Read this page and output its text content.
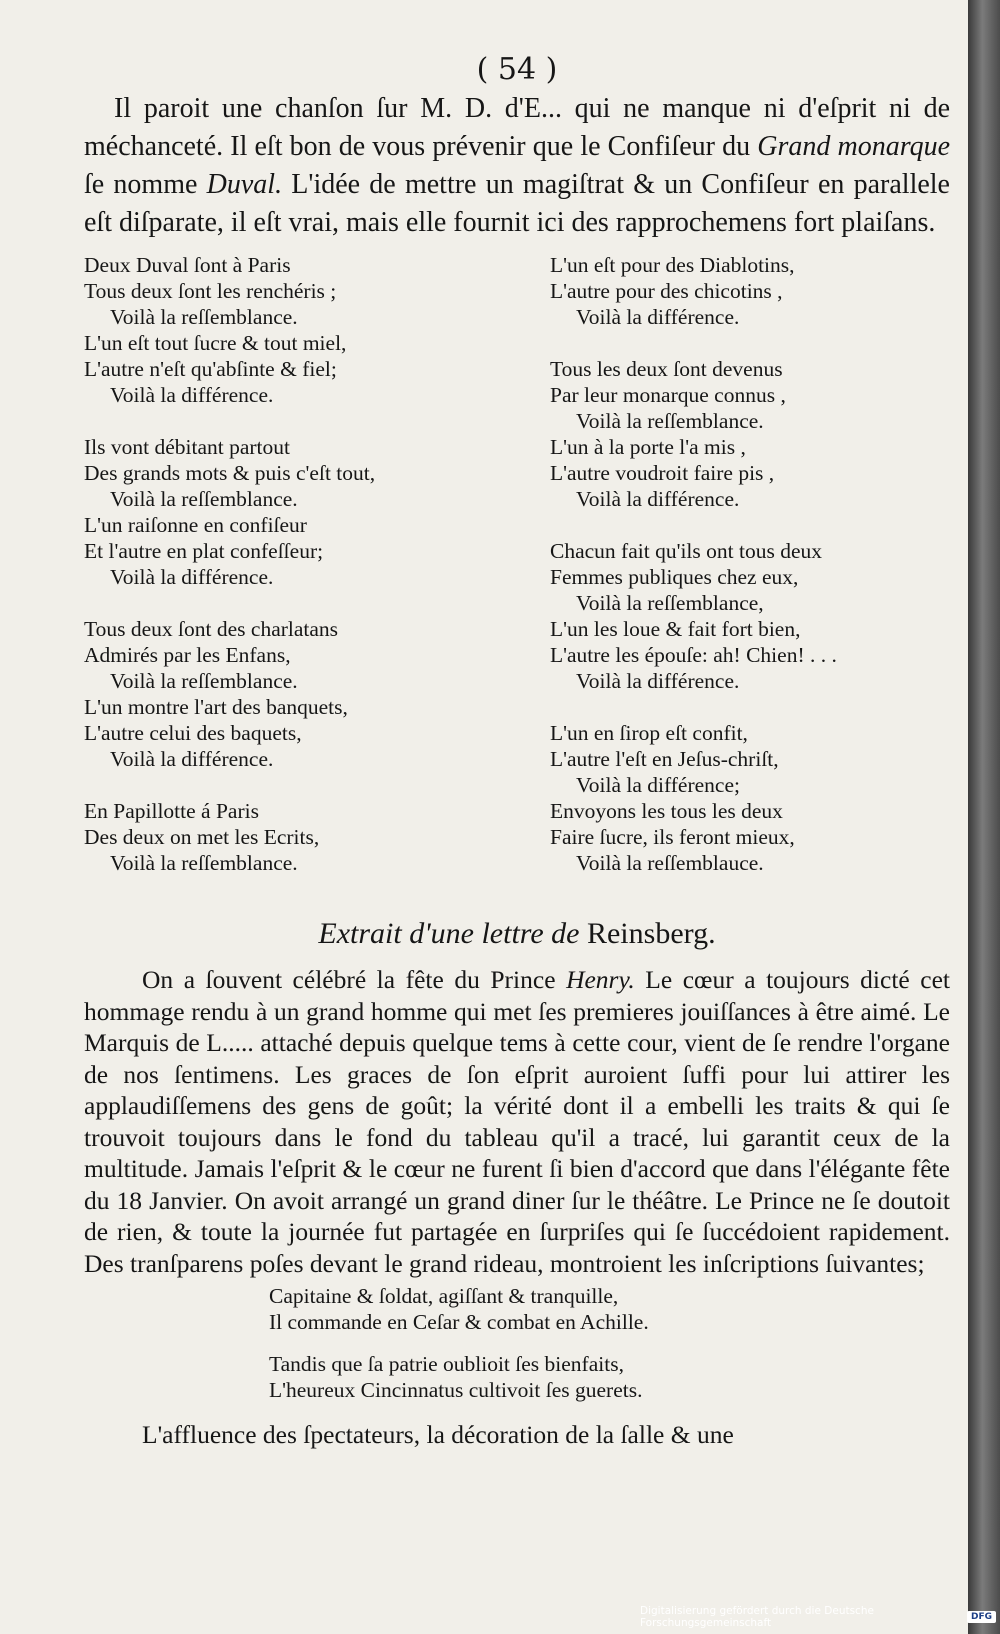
( 54 )

Il paroit une chanſon ſur M. D. d'E... qui ne manque ni d'eſprit ni de méchanceté. Il eſt bon de vous prévenir que le Confiſeur du Grand monarque ſe nomme Duval. L'idée de mettre un magiſtrat & un Confiſeur en parallele eſt diſparate, il eſt vrai, mais elle fournit ici des rapprochemens fort plaiſans.

Deux Duval ſont à Paris
Tous deux ſont les renchéris ;
Voilà la reſſemblance.
L'un eſt tout ſucre & tout miel,
L'autre n'eſt qu'abſinte & fiel;
Voilà la différence.
Ils vont débitant partout
Des grands mots & puis c'eſt tout,
Voilà la reſſemblance.
L'un raiſonne en confiſeur
Et l'autre en plat confeſſeur;
Voilà la différence.
Tous deux ſont des charlatans
Admirés par les Enfans,
Voilà la reſſemblance.
L'un montre l'art des banquets,
L'autre celui des baquets,
Voilà la différence.
En Papillotte á Paris
Des deux on met les Ecrits,
Voilà la reſſemblance.
L'un eſt pour des Diablotins,
L'autre pour des chicotins ,
Voilà la différence.
Tous les deux ſont devenus
Par leur monarque connus ,
Voilà la reſſemblance.
L'un à la porte l'a mis ,
L'autre voudroit faire pis ,
Voilà la différence.
Chacun fait qu'ils ont tous deux
Femmes publiques chez eux,
Voilà la reſſemblance,
L'un les loue & fait fort bien,
L'autre les épouſe: ah! Chien! . . .
Voilà la différence.
L'un en ſirop eſt confit,
L'autre l'eſt en Jeſus-chriſt,
Voilà la différence;
Envoyons les tous les deux
Faire ſucre, ils feront mieux,
Voilà la reſſemblauce.
Extrait d'une lettre de Reinsberg.

On a ſouvent célébré la fête du Prince Henry. Le cœur a toujours dicté cet hommage rendu à un grand homme qui met ſes premieres jouiſſances à être aimé. Le Marquis de L..... attaché depuis quelque tems à cette cour, vient de ſe rendre l'organe de nos ſentimens. Les graces de ſon eſprit auroient ſuffi pour lui attirer les applaudiſſemens des gens de goût; la vérité dont il a embelli les traits & qui ſe trouvoit toujours dans le fond du tableau qu'il a tracé, lui garantit ceux de la multitude. Jamais l'eſprit & le cœur ne furent ſi bien d'accord que dans l'élégante fête du 18 Janvier. On avoit arrangé un grand diner ſur le théâtre. Le Prince ne ſe doutoit de rien, & toute la journée fut partagée en ſurpriſes qui ſe ſuccédoient rapidement. Des tranſparens poſes devant le grand rideau, montroient les inſcriptions ſuivantes;

Capitaine & ſoldat, agiſſant & tranquille,
Il commande en Ceſar & combat en Achille.
Tandis que ſa patrie oublioit ſes bienfaits,
L'heureux Cincinnatus cultivoit ſes guerets.

L'affluence des ſpectateurs, la décoration de la ſalle & une

Digitalisierung gefördert durch die Deutsche Forschungsgemeinschaft	DFG
